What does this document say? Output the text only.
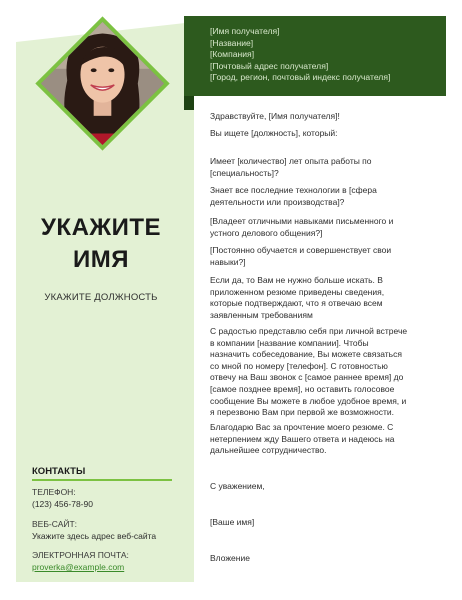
[Имя получателя]
[Название]
[Компания]
[Почтовый адрес получателя]
[Город, регион, почтовый индекс получателя]
УКАЖИТЕ
ИМЯ
УКАЖИТЕ ДОЛЖНОСТЬ
КОНТАКТЫ
ТЕЛЕФОН:
(123) 456-78-90
ВЕБ-САЙТ:
Укажите здесь адрес веб-сайта
ЭЛЕКТРОННАЯ ПОЧТА:
proverka@example.com

Здравствуйте, [Имя получателя]!

Вы ищете [должность], который:

Имеет [количество] лет опыта работы по [специальность]?

Знает все последние технологии в [сфера деятельности или производства]?

[Владеет отличными навыками письменного и устного делового общения?]

[Постоянно обучается и совершенствует свои навыки?]

Если да, то Вам не нужно больше искать. В приложенном резюме приведены сведения, которые подтверждают, что я отвечаю всем заявленным требованиям

С радостью представлю себя при личной встрече в компании [название компании]. Чтобы назначить собеседование, Вы можете связаться со мной по номеру [телефон]. С готовностью отвечу на Ваш звонок с [самое раннее время] до [самое позднее время], но оставить голосовое сообщение Вы можете в любое удобное время, и я перезвоню Вам при первой же возможности.

Благодарю Вас за прочтение моего резюме. С нетерпением жду Вашего ответа и надеюсь на дальнейшее сотрудничество.

С уважением,

[Ваше имя]

Вложение
